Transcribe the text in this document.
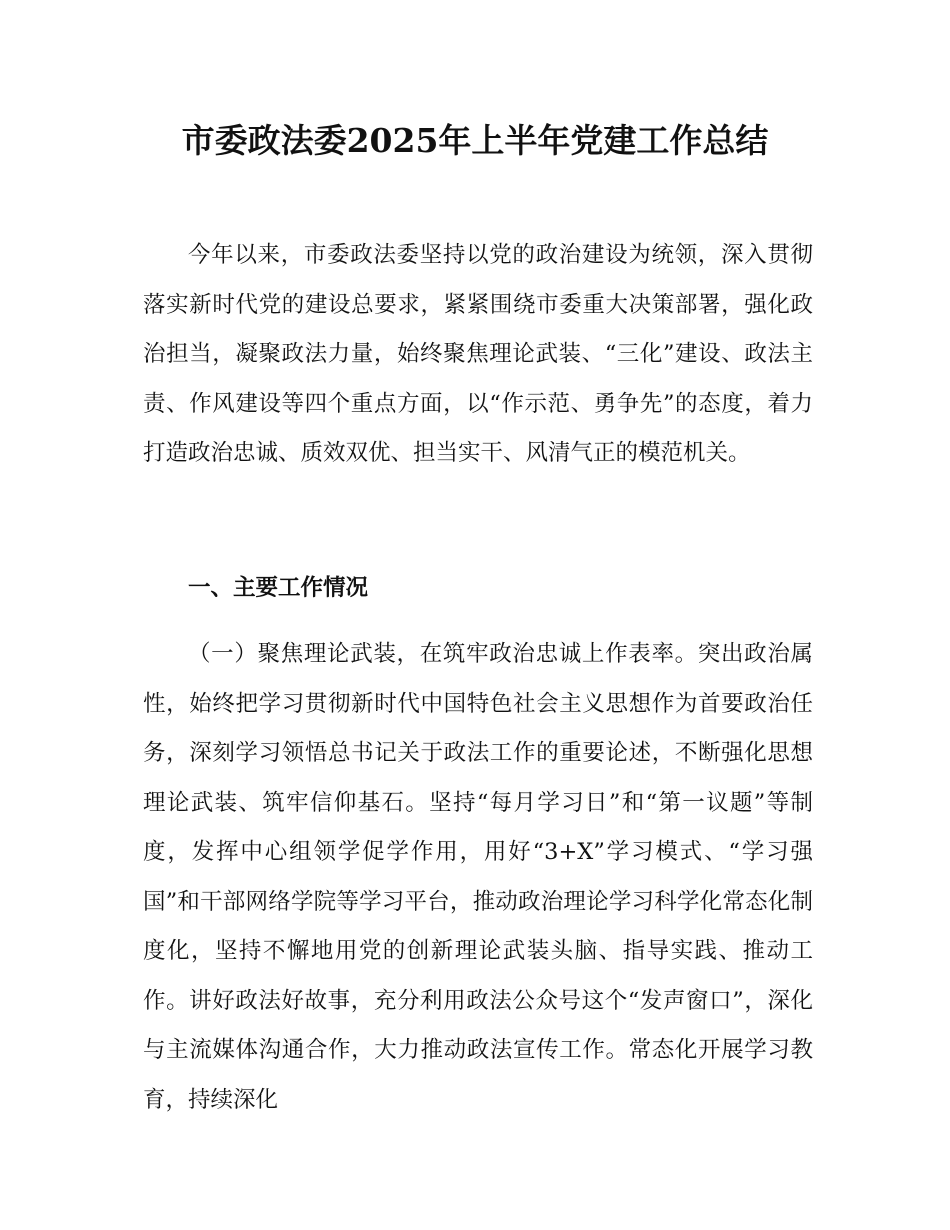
市委政法委2025年上半年党建工作总结

今年以来，市委政法委坚持以党的政治建设为统领，深入贯彻落实新时代党的建设总要求，紧紧围绕市委重大决策部署，强化政治担当，凝聚政法力量，始终聚焦理论武装、“三化”建设、政法主责、作风建设等四个重点方面，以“作示范、勇争先”的态度，着力打造政治忠诚、质效双优、担当实干、风清气正的模范机关。

一、主要工作情况

（一）聚焦理论武装，在筑牢政治忠诚上作表率。突出政治属性，始终把学习贯彻新时代中国特色社会主义思想作为首要政治任务，深刻学习领悟总书记关于政法工作的重要论述，不断强化思想理论武装、筑牢信仰基石。坚持“每月学习日”和“第一议题”等制度，发挥中心组领学促学作用，用好“3+X”学习模式、“学习强国”和干部网络学院等学习平台，推动政治理论学习科学化常态化制度化，坚持不懈地用党的创新理论武装头脑、指导实践、推动工作。讲好政法好故事，充分利用政法公众号这个“发声窗口”，深化与主流媒体沟通合作，大力推动政法宣传工作。常态化开展学习教育，持续深化
